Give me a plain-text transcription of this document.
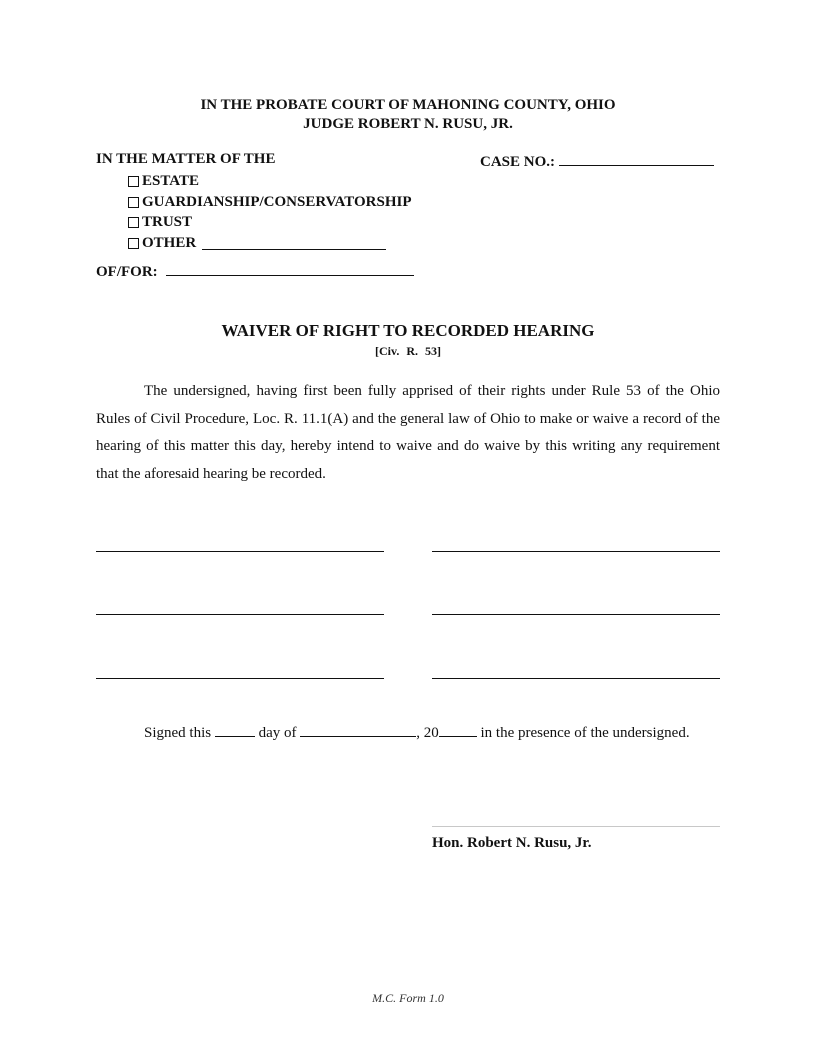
IN THE PROBATE COURT OF MAHONING COUNTY, OHIO
JUDGE ROBERT N. RUSU, JR.
IN THE MATTER OF THE	CASE NO.:
ESTATE
GUARDIANSHIP/CONSERVATORSHIP
TRUST
OTHER
OF/FOR:
WAIVER OF RIGHT TO RECORDED HEARING
[Civ. R. 53]
The undersigned, having first been fully apprised of their rights under Rule 53 of the Ohio Rules of Civil Procedure, Loc. R. 11.1(A) and the general law of Ohio to make or waive a record of the hearing of this matter this day, hereby intend to waive and do waive by this writing any requirement that the aforesaid hearing be recorded.
Signed this	day of	, 20	in the presence of the undersigned.
Hon. Robert N. Rusu, Jr.
M.C. Form 1.0
